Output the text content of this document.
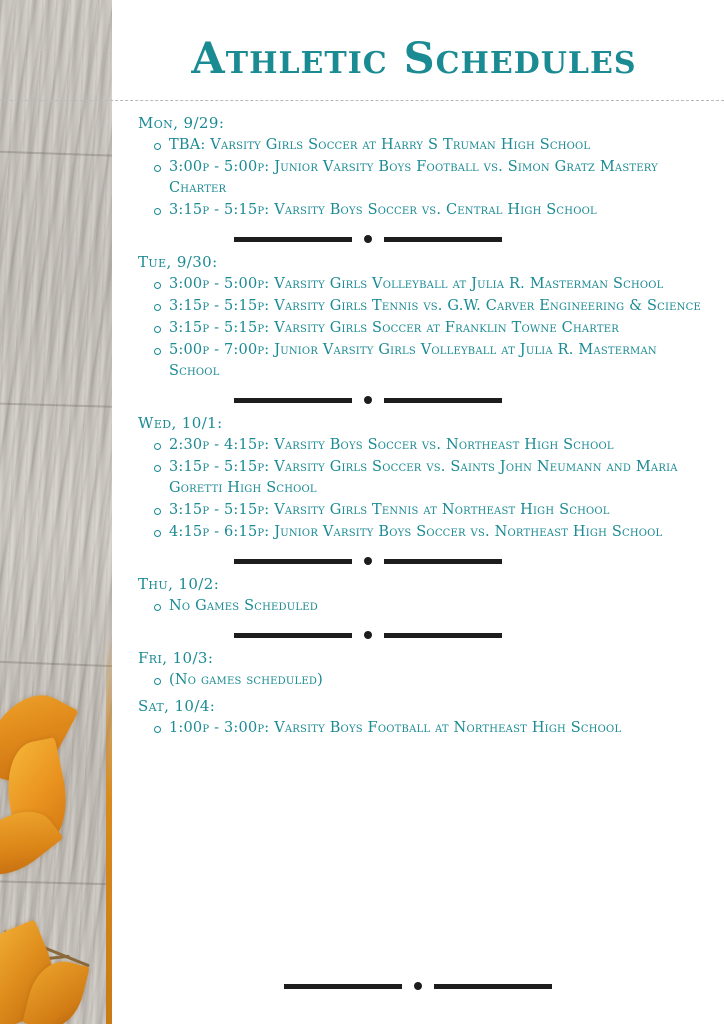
Athletic Schedules
Mon, 9/29:
TBA: Varsity Girls Soccer at Harry S Truman High School
3:00p - 5:00p: Junior Varsity Boys Football vs. Simon Gratz Mastery Charter
3:15p - 5:15p: Varsity Boys Soccer vs. Central High School
Tue, 9/30:
3:00p - 5:00p: Varsity Girls Volleyball at Julia R. Masterman School
3:15p - 5:15p: Varsity Girls Tennis vs. G.W. Carver Engineering & Science
3:15p - 5:15p: Varsity Girls Soccer at Franklin Towne Charter
5:00p - 7:00p: Junior Varsity Girls Volleyball at Julia R. Masterman School
Wed, 10/1:
2:30p - 4:15p: Varsity Boys Soccer vs. Northeast High School
3:15p - 5:15p: Varsity Girls Soccer vs. Saints John Neumann and Maria Goretti High School
3:15p - 5:15p: Varsity Girls Tennis at Northeast High School
4:15p - 6:15p: Junior Varsity Boys Soccer vs. Northeast High School
Thu, 10/2:
No Games Scheduled
Fri, 10/3:
(No games scheduled)
Sat, 10/4:
1:00p - 3:00p: Varsity Boys Football at Northeast High School
